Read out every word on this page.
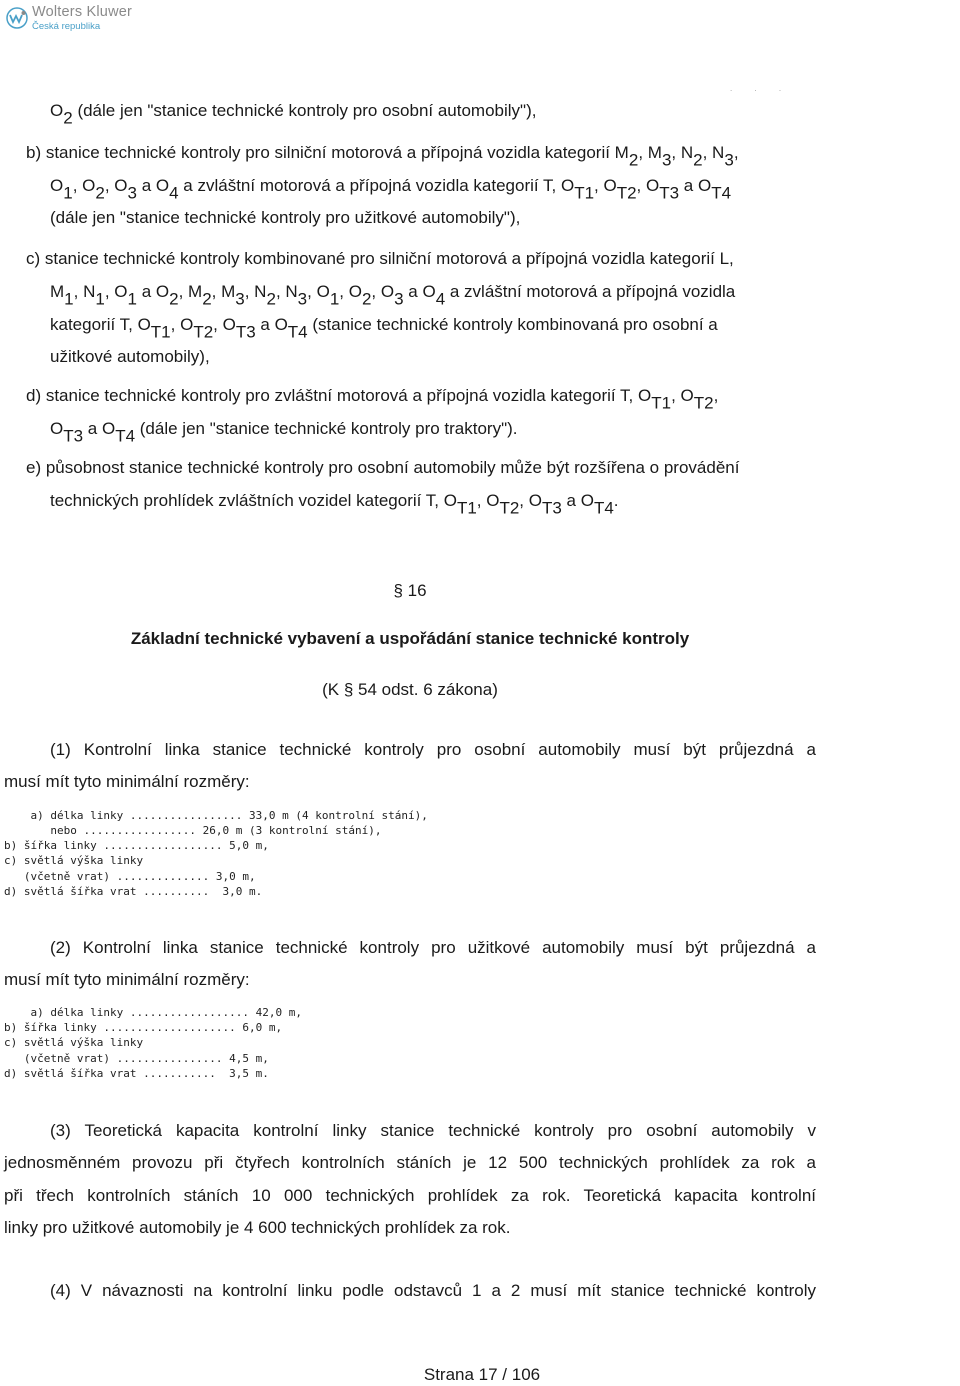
Wolters Kluwer
Česká republika
. . .
$O_2$ (dále jen "stanice technické kontroly pro osobní automobily"),
b) stanice technické kontroly pro silniční motorová a přípojná vozidla kategorií $M_2$, $M_3$, $N_2$, $N_3$,
$O_1$, $O_2$, $O_3$ a $O_4$ a zvláštní motorová a přípojná vozidla kategorií T, $O_{T1}$, $O_{T2}$, $O_{T3}$ a $O_{T4}$
(dále jen "stanice technické kontroly pro užitkové automobily"),
c) stanice technické kontroly kombinované pro silniční motorová a přípojná vozidla kategorií L,
$M_1$, $N_1$, $O_1$ a $O_2$, $M_2$, $M_3$, $N_2$, $N_3$, $O_1$, $O_2$, $O_3$ a $O_4$ a zvláštní motorová a přípojná vozidla
kategorií T, $O_{T1}$, $O_{T2}$, $O_{T3}$ a $O_{T4}$ (stanice technické kontroly kombinovaná pro osobní a
užitkové automobily),
d) stanice technické kontroly pro zvláštní motorová a přípojná vozidla kategorií T, $O_{T1}$, $O_{T2}$,
$O_{T3}$ a $O_{T4}$ (dále jen "stanice technické kontroly pro traktory").
e) působnost stanice technické kontroly pro osobní automobily může být rozšířena o provádění
technických prohlídek zvláštních vozidel kategorií T, $O_{T1}$, $O_{T2}$, $O_{T3}$ a $O_{T4}$.
§ 16
Základní technické vybavení a uspořádání stanice technické kontroly
(K § 54 odst. 6 zákona)
(1) Kontrolní linka stanice technické kontroly pro osobní automobily musí být průjezdná a
musí mít tyto minimální rozměry:
a) délka linky ................. 33,0 m (4 kontrolní stání),
nebo ................. 26,0 m (3 kontrolní stání),
b) šířka linky .................. 5,0 m,
c) světlá výška linky
(včetně vrat) .............. 3,0 m,
d) světlá šířka vrat ..........  3,0 m.
(2) Kontrolní linka stanice technické kontroly pro užitkové automobily musí být průjezdná a
musí mít tyto minimální rozměry:
a) délka linky .................. 42,0 m,
b) šířka linky .................... 6,0 m,
c) světlá výška linky
(včetně vrat) ................ 4,5 m,
d) světlá šířka vrat ...........  3,5 m.
(3) Teoretická kapacita kontrolní linky stanice technické kontroly pro osobní automobily v
jednosměnném provozu při čtyřech kontrolních stáních je 12 500 technických prohlídek za rok a
při třech kontrolních stáních 10 000 technických prohlídek za rok. Teoretická kapacita kontrolní
linky pro užitkové automobily je 4 600 technických prohlídek za rok.
(4) V návaznosti na kontrolní linku podle odstavců 1 a 2 musí mít stanice technické kontroly
Strana 17 / 106
